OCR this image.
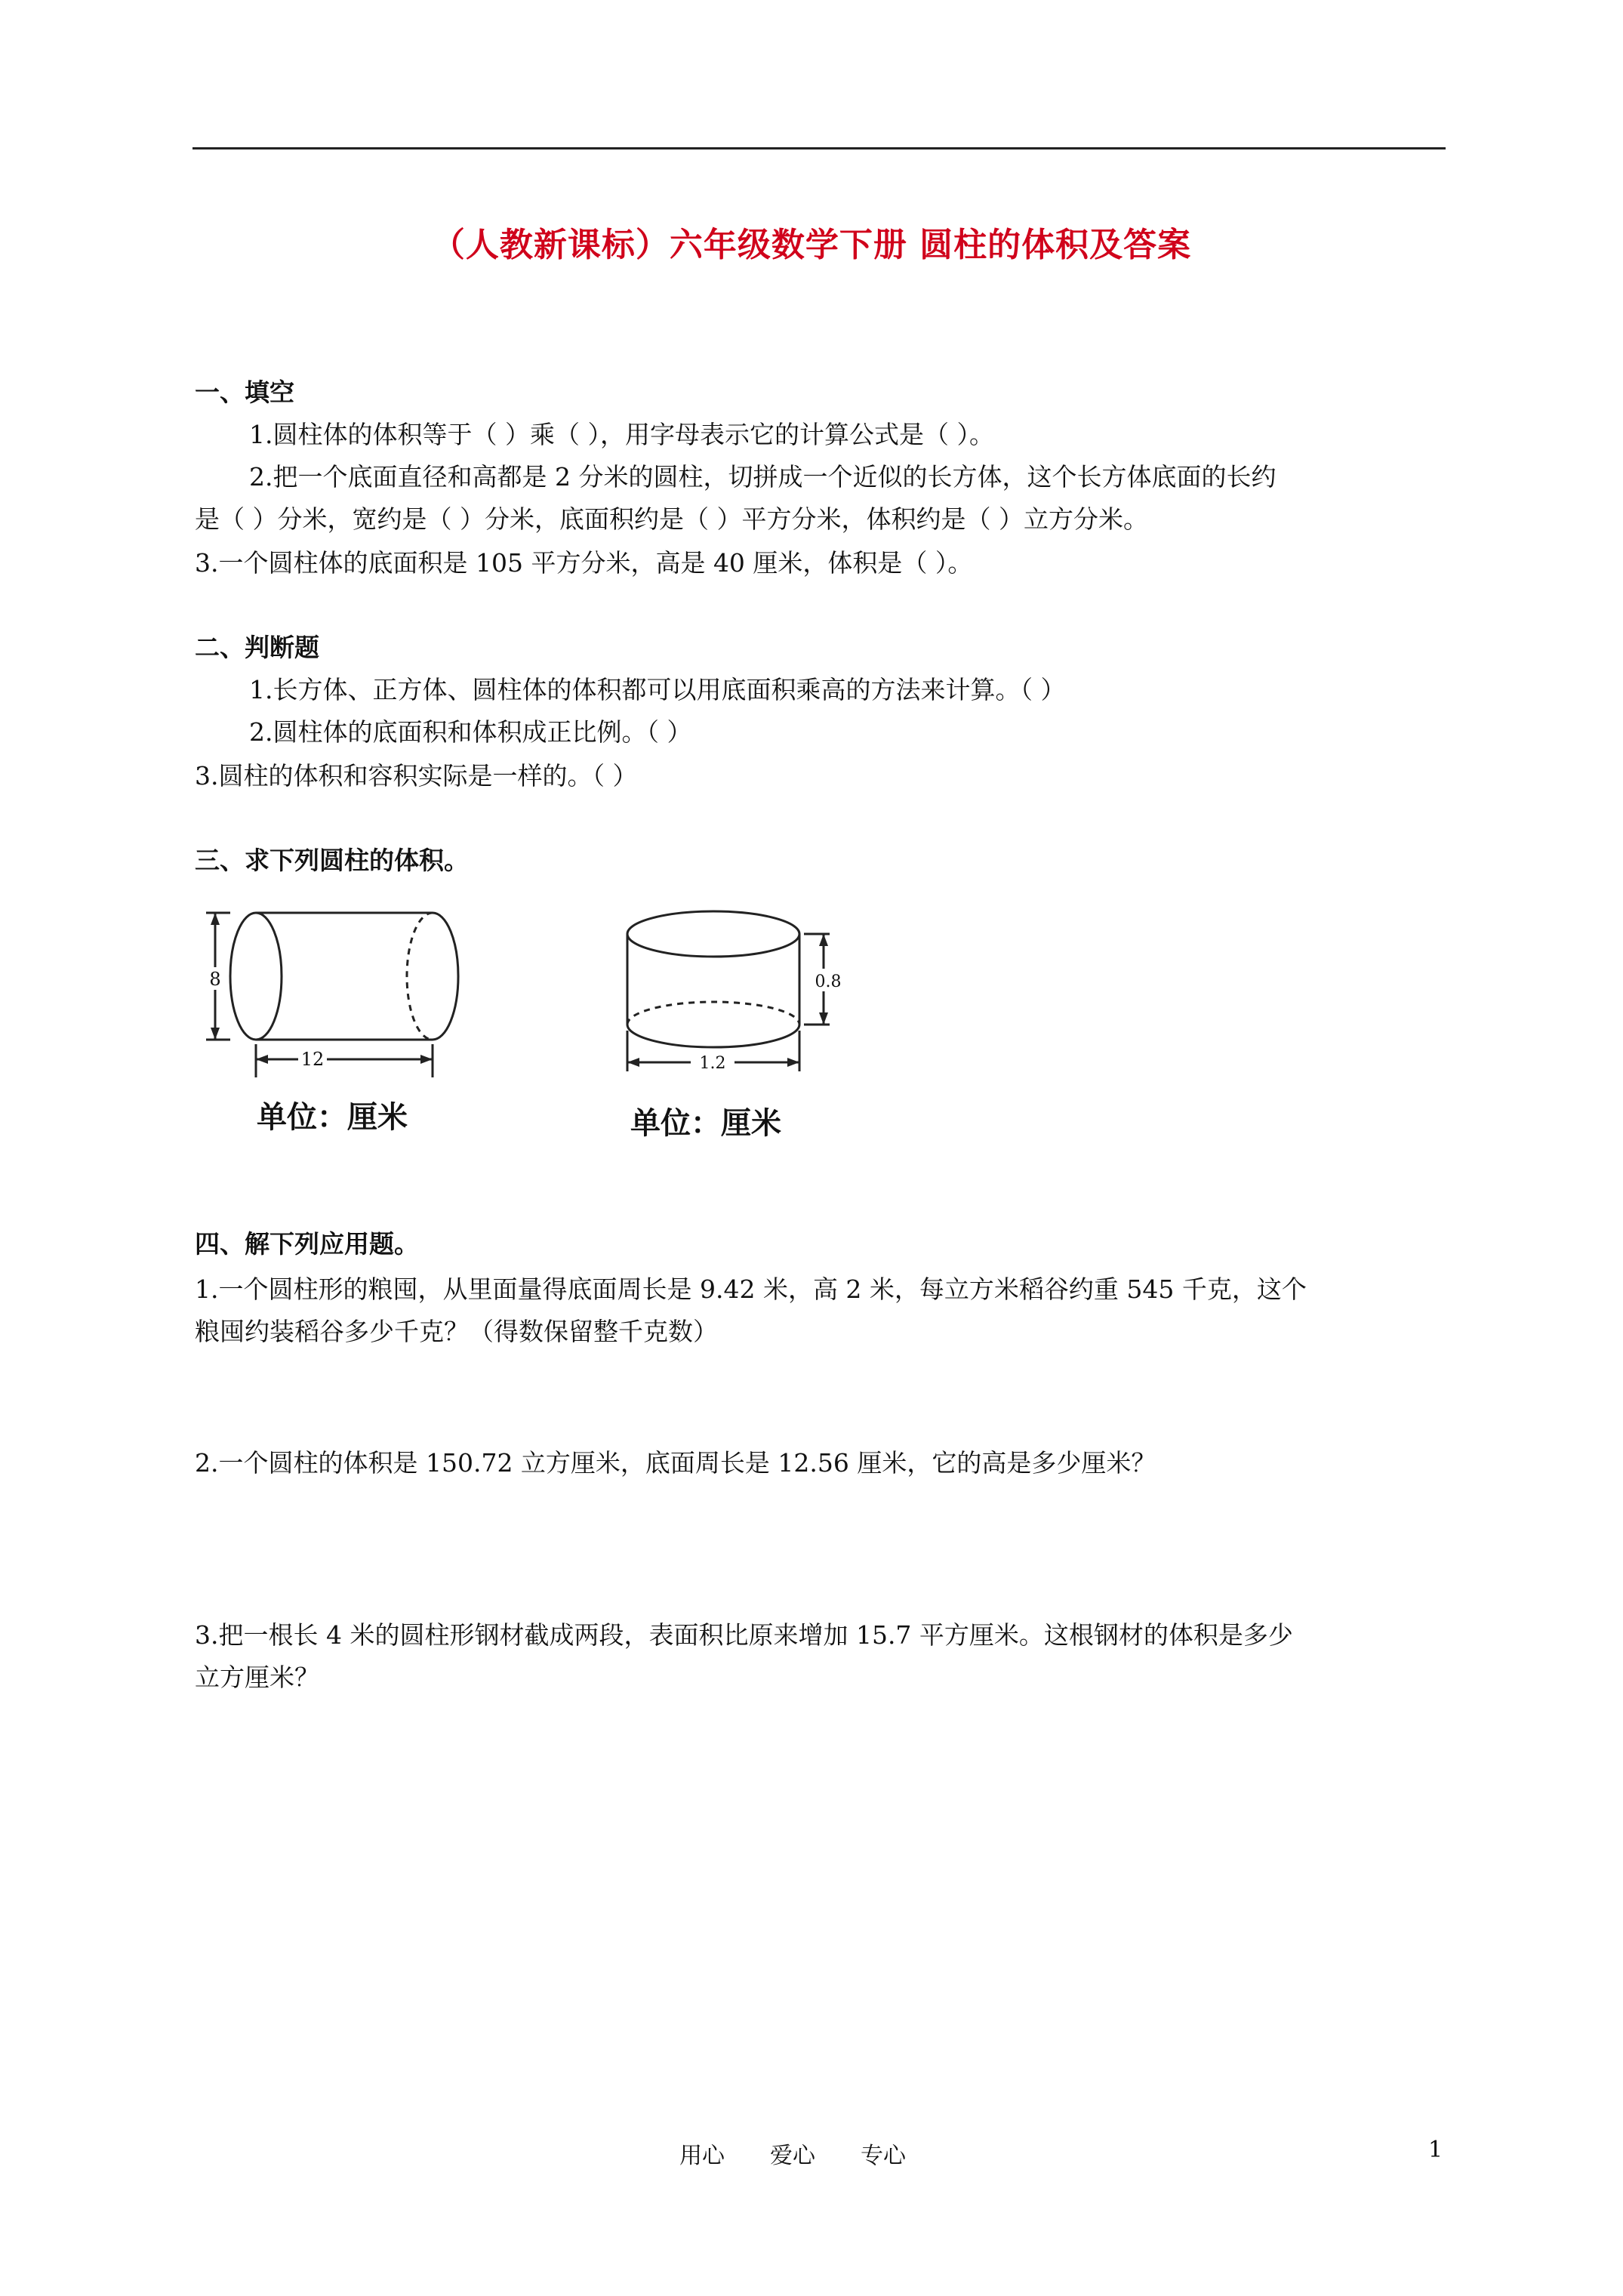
（人教新课标）六年级数学下册 圆柱的体积及答案
一、填空
1.圆柱体的体积等于（ ）乘（ ），用字母表示它的计算公式是（ ）。
2.把一个底面直径和高都是 2 分米的圆柱，切拼成一个近似的长方体，这个长方体底面的长约
是（ ）分米，宽约是（ ）分米，底面积约是（ ）平方分米，体积约是（ ）立方分米。
3.一个圆柱体的底面积是 105 平方分米，高是 40 厘米，体积是（ ）。
二、判断题
1.长方体、正方体、圆柱体的体积都可以用底面积乘高的方法来计算。（ ）
2.圆柱体的底面积和体积成正比例。（ ）
3.圆柱的体积和容积实际是一样的。（ ）
三、求下列圆柱的体积。
8
12
单位：厘米
0.8
1.2
单位：厘米
四、解下列应用题。
1.一个圆柱形的粮囤，从里面量得底面周长是 9.42 米，高 2 米，每立方米稻谷约重 545 千克，这个
粮囤约装稻谷多少千克？（得数保留整千克数）
2.一个圆柱的体积是 150.72 立方厘米，底面周长是 12.56 厘米，它的高是多少厘米？
3.把一根长 4 米的圆柱形钢材截成两段，表面积比原来增加 15.7 平方厘米。这根钢材的体积是多少
立方厘米？
用心　　爱心　　专心	1
